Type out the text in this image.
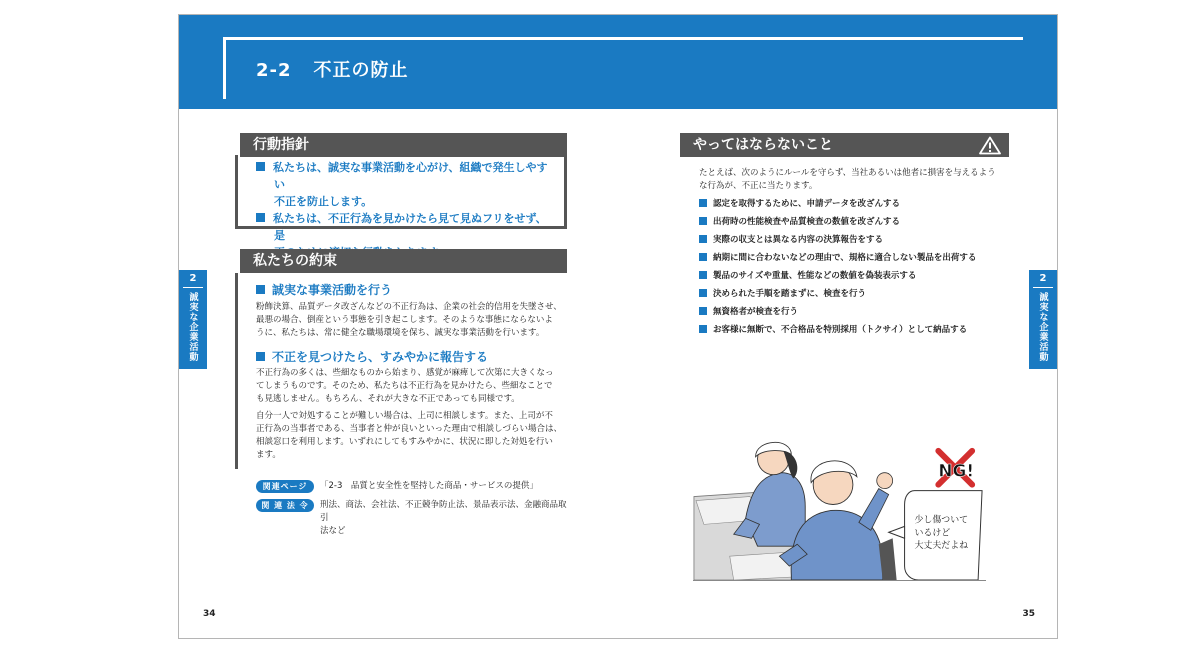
2-2 不正の防止
2
誠実な企業活動
2
誠実な企業活動
行動指針
私たちは、誠実な事業活動を心がけ、組織で発生しやすい
不正を防止します。
私たちは、不正行為を見かけたら見て見ぬフリをせず、是

私たちの約束
誠実な事業活動を行う
粉飾決算、品質データ改ざんなどの不正行為は、企業の社会的信用を失墜させ、
最悪の場合、倒産という事態を引き起こします。そのような事態にならないよ
うに、私たちは、常に健全な職場環境を保ち、誠実な事業活動を行います。
不正を見つけたら、すみやかに報告する
不正行為の多くは、些細なものから始まり、感覚が麻痺して次第に大きくなっ
てしまうものです。そのため、私たちは不正行為を見かけたら、些細なことで
も見逃しません。もちろん、それが大きな不正であっても同様です。
自分一人で対処することが難しい場合は、上司に相談します。また、上司が不
正行為の当事者である、当事者と仲が良いといった理由で相談しづらい場合は、
相談窓口を利用します。いずれにしてもすみやかに、状況に即した対処を行い
ます。
関連ページ	「2-3　品質と安全性を堅持した商品・サービスの提供」
関 連 法 令	刑法、商法、会社法、不正競争防止法、景品表示法、金融商品取引
法など
34	35
やってはならないこと
たとえば、次のようにルールを守らず、当社あるいは他者に損害を与えるよう
な行為が、不正に当たります。
認定を取得するために、申請データを改ざんする
出荷時の性能検査や品質検査の数値を改ざんする
実際の収支とは異なる内容の決算報告をする
納期に間に合わないなどの理由で、規格に適合しない製品を出荷する
製品のサイズや重量、性能などの数値を偽装表示する
決められた手順を踏まずに、検査を行う
無資格者が検査を行う
お客様に無断で、不合格品を特別採用（トクサイ）として納品する
NG!
少し傷ついて
いるけど
大丈夫だよね
